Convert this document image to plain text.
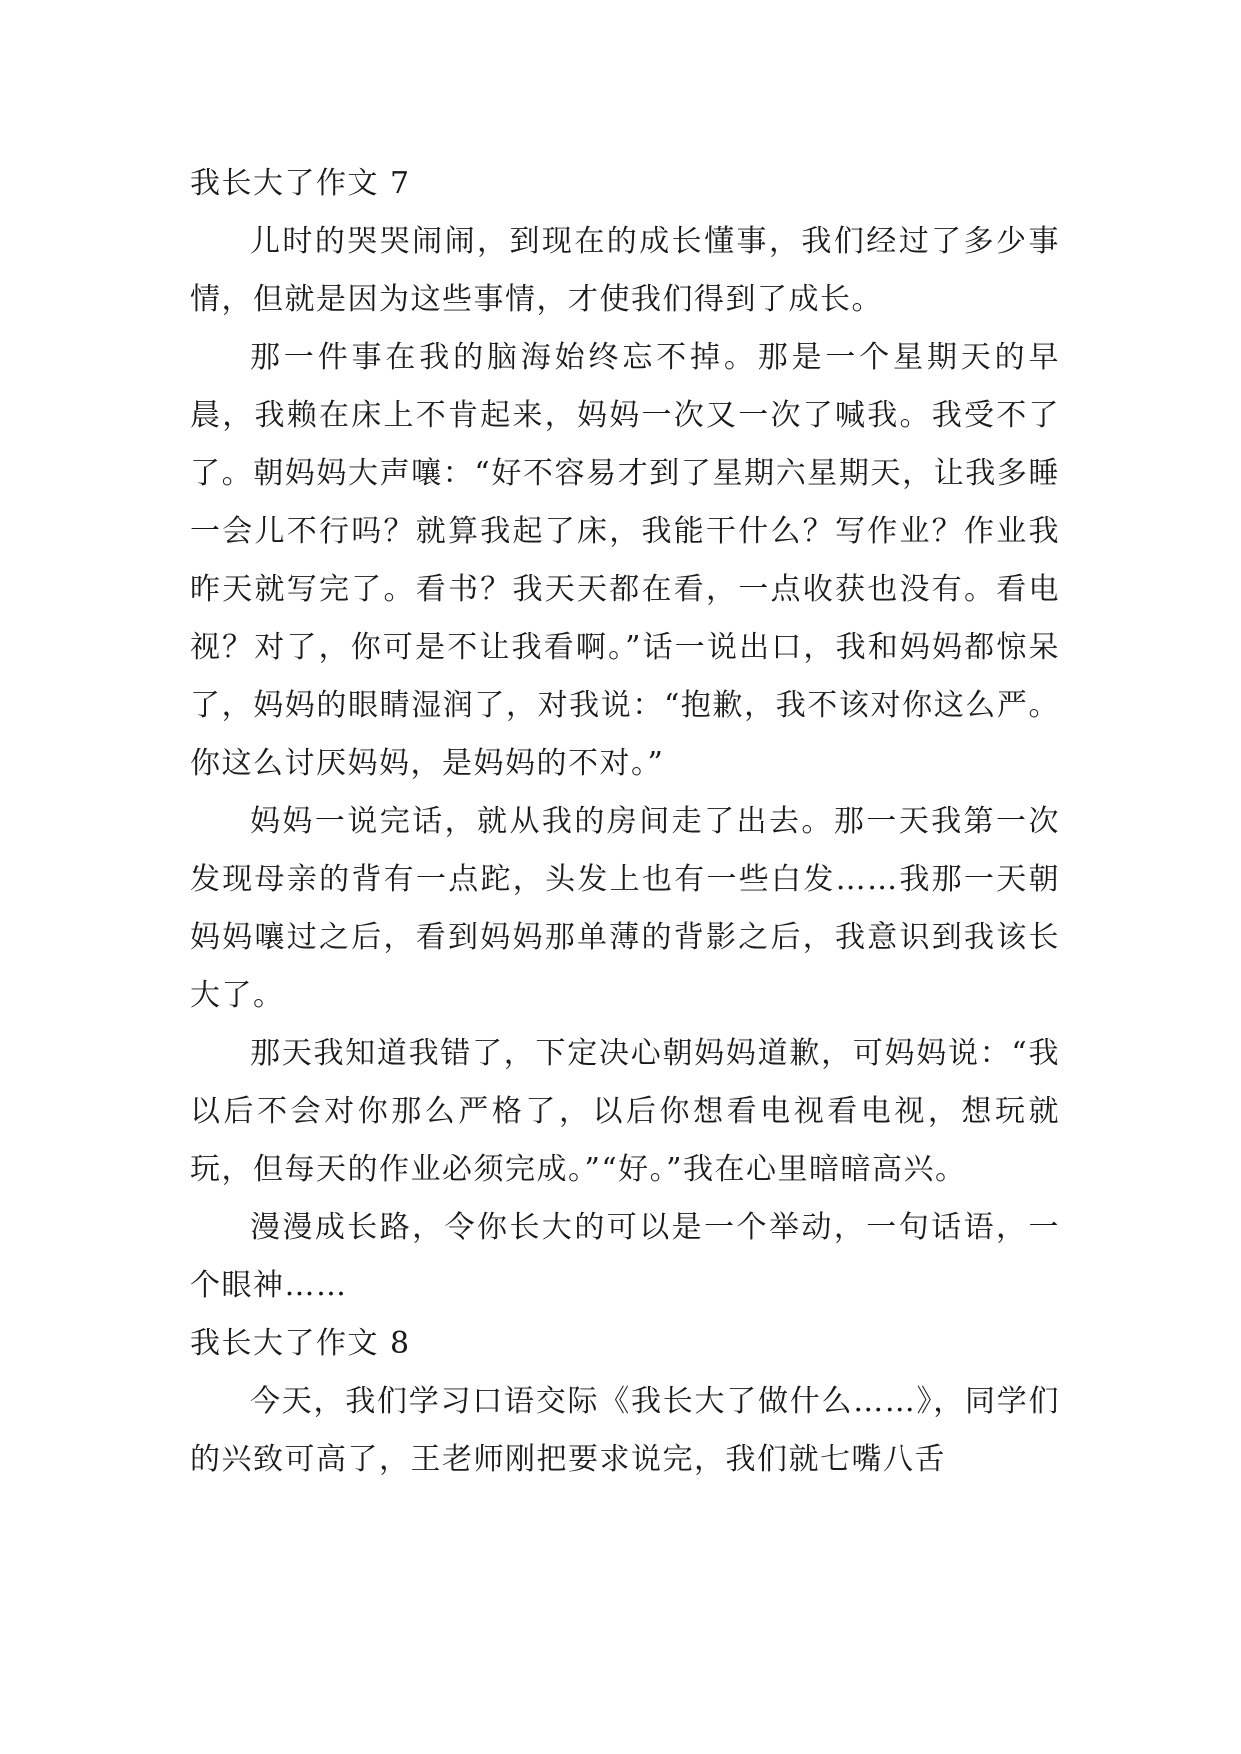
我长大了作文 7

儿时的哭哭闹闹，到现在的成长懂事，我们经过了多少事情，但就是因为这些事情，才使我们得到了成长。

那一件事在我的脑海始终忘不掉。那是一个星期天的早晨，我赖在床上不肯起来，妈妈一次又一次了喊我。我受不了了。朝妈妈大声嚷：“好不容易才到了星期六星期天，让我多睡一会儿不行吗？就算我起了床，我能干什么？写作业？作业我昨天就写完了。看书？我天天都在看，一点收获也没有。看电视？对了，你可是不让我看啊。”话一说出口，我和妈妈都惊呆了，妈妈的眼睛湿润了，对我说：“抱歉，我不该对你这么严。你这么讨厌妈妈，是妈妈的不对。”

妈妈一说完话，就从我的房间走了出去。那一天我第一次发现母亲的背有一点跎，头发上也有一些白发……我那一天朝妈妈嚷过之后，看到妈妈那单薄的背影之后，我意识到我该长大了。

那天我知道我错了，下定决心朝妈妈道歉，可妈妈说：“我以后不会对你那么严格了，以后你想看电视看电视，想玩就玩，但每天的作业必须完成。”“好。”我在心里暗暗高兴。

漫漫成长路，令你长大的可以是一个举动，一句话语，一个眼神……

我长大了作文 8

今天，我们学习口语交际《我长大了做什么……》，同学们的兴致可高了，王老师刚把要求说完，我们就七嘴八舌
